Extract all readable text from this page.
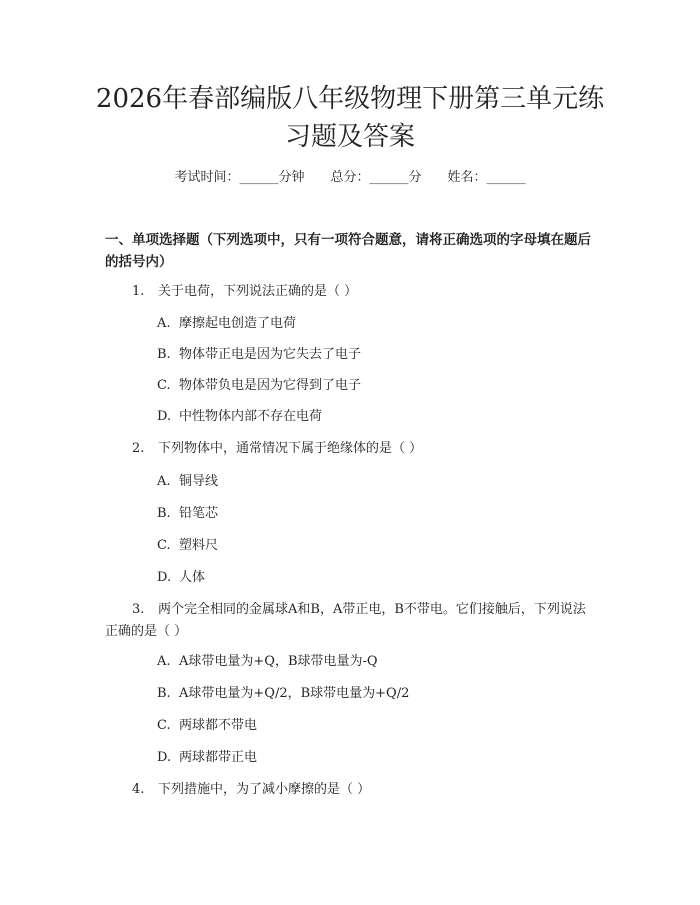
2026年春部编版八年级物理下册第三单元练习题及答案
考试时间：______分钟 总分：______分 姓名：______
一、单项选择题（下列选项中，只有一项符合题意，请将正确选项的字母填在题后的括号内）
1. 关于电荷，下列说法正确的是（ ）
A. 摩擦起电创造了电荷
B. 物体带正电是因为它失去了电子
C. 物体带负电是因为它得到了电子
D. 中性物体内部不存在电荷
2. 下列物体中，通常情况下属于绝缘体的是（ ）
A. 铜导线
B. 铅笔芯
C. 塑料尺
D. 人体
3. 两个完全相同的金属球A和B，A带正电，B不带电。它们接触后，下列说法正确的是（ ）
A. A球带电量为+Q，B球带电量为-Q
B. A球带电量为+Q/2，B球带电量为+Q/2
C. 两球都不带电
D. 两球都带正电
4. 下列措施中，为了减小摩擦的是（ ）
